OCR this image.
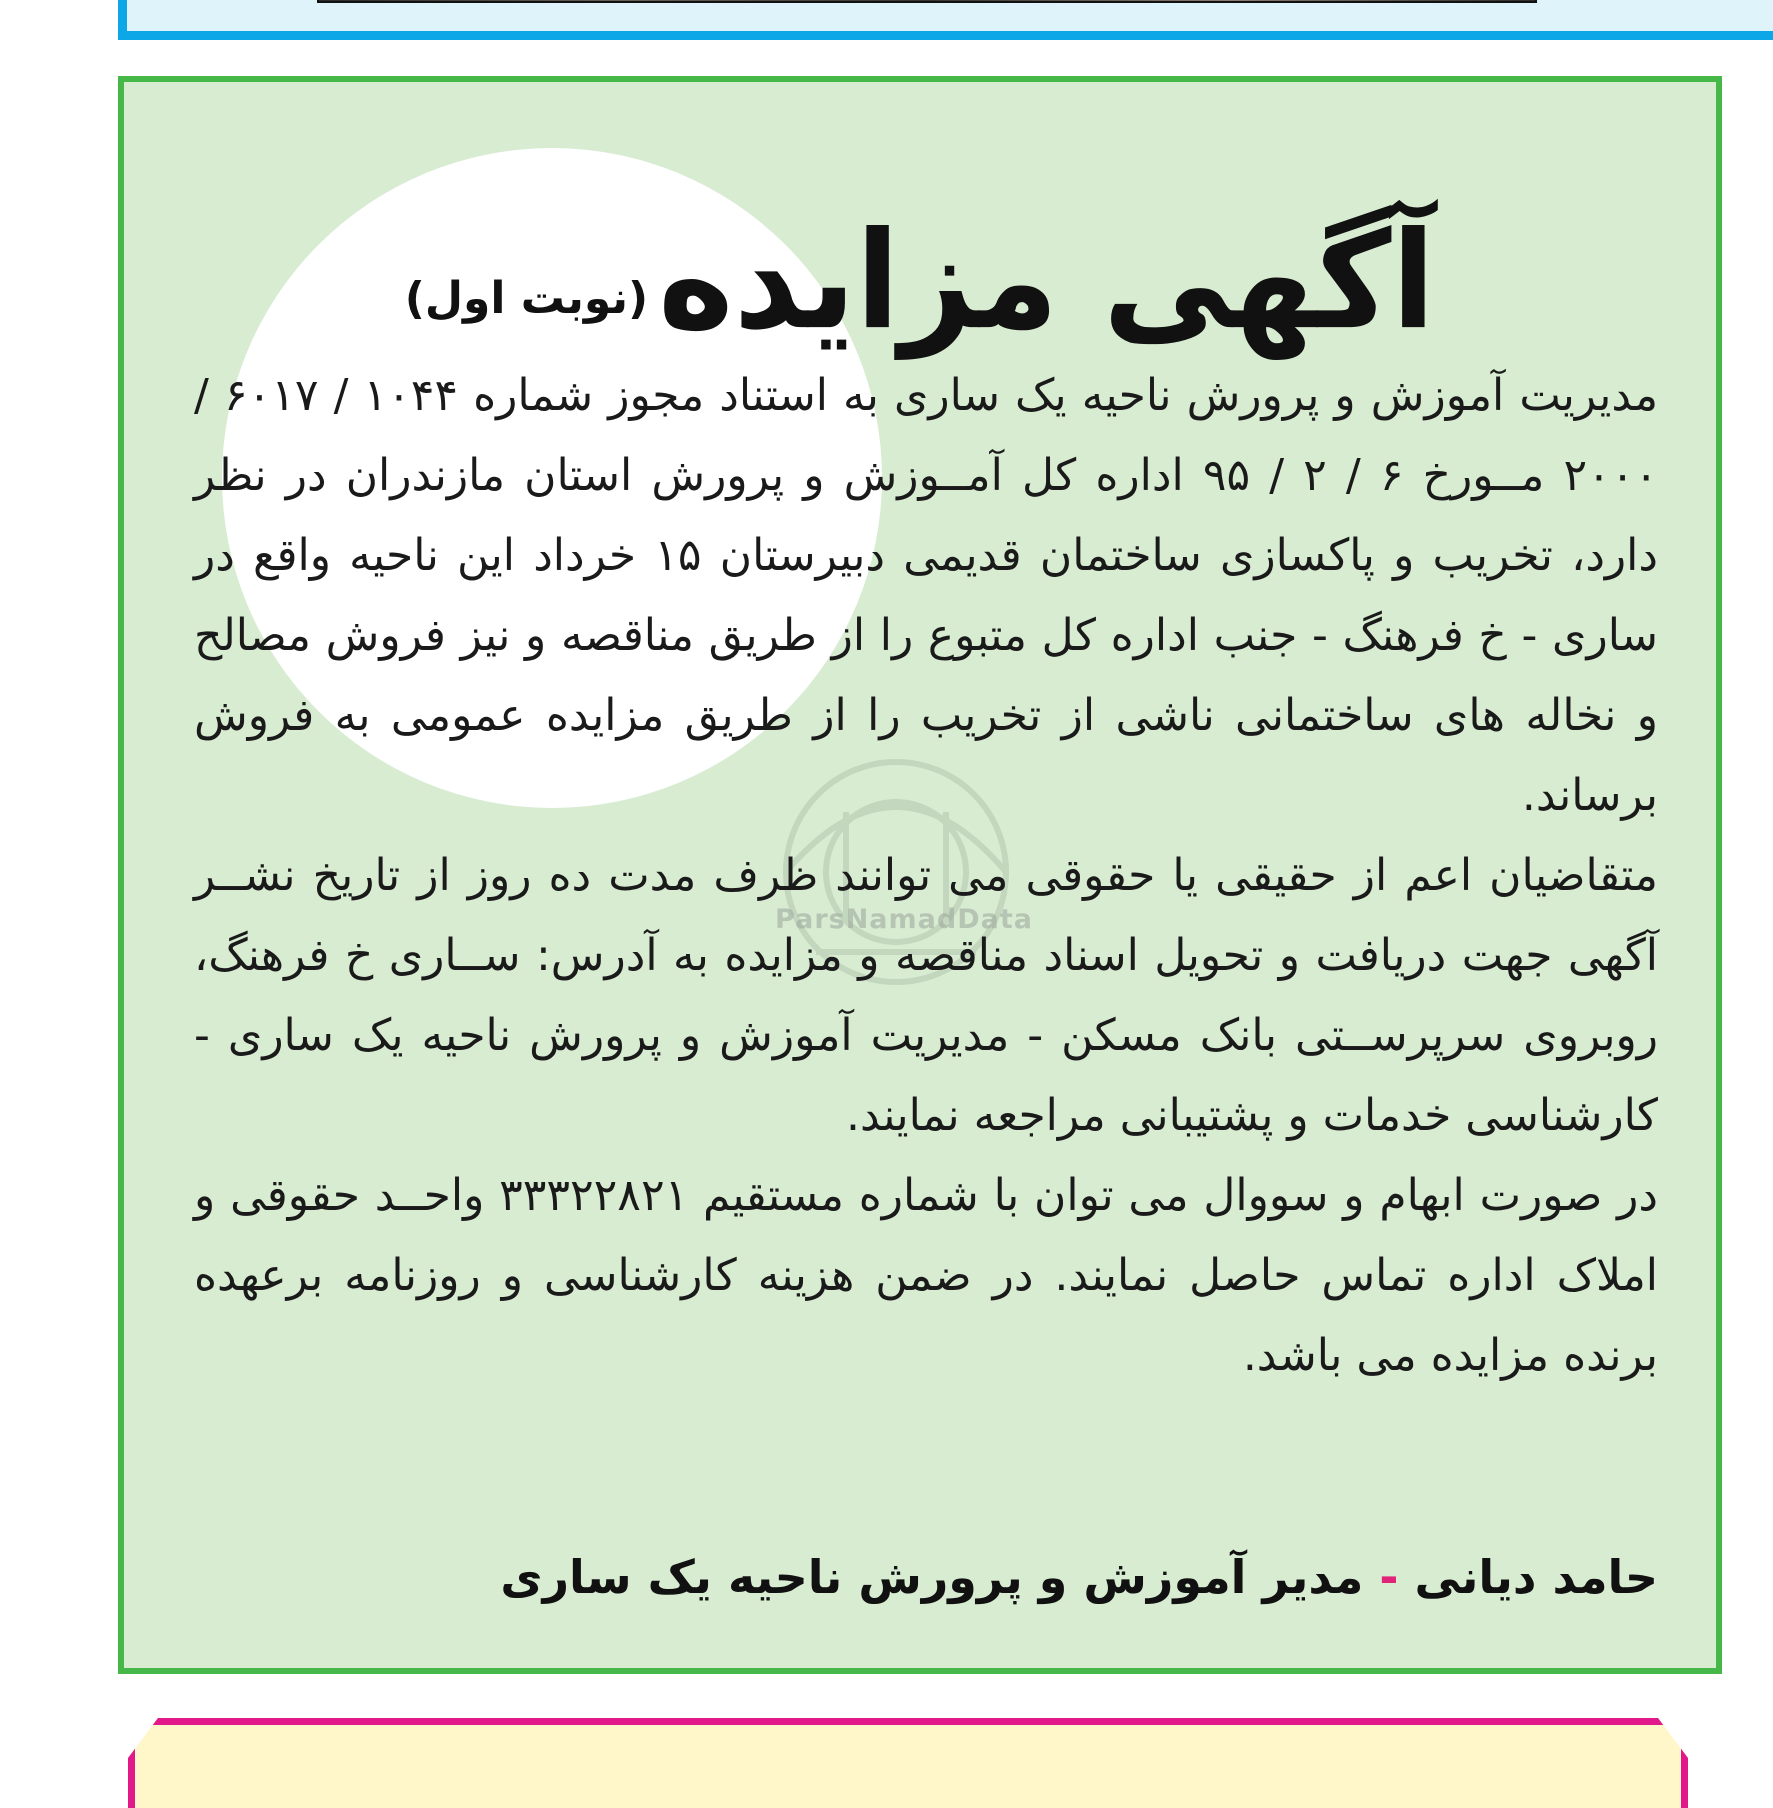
ParsNamadData
آگهی مزایده
(نوبت اول)

مدیریت آموزش و پرورش ناحیه یک ساری به استناد مجوز شماره ۱۰۴۴ / ۶۰۱۷ / ۲۰۰۰ مــورخ ۶ / ۲ / ۹۵ اداره کل آمــوزش و پرورش استان مازندران در نظر دارد، تخریب و پاکسازی ساختمان قدیمی دبیرستان ۱۵ خرداد این ناحیه واقع در ساری - خ فرهنگ - جنب اداره کل متبوع را از طریق مناقصه و نیز فروش مصالح و نخاله های ساختمانی ناشی از تخریب را از طریق مزایده عمومی به فروش برساند.

متقاضیان اعم از حقیقی یا حقوقی می توانند ظرف مدت ده روز از تاریخ نشــر آگهی جهت دریافت و تحویل اسناد مناقصه و مزایده به آدرس: ســاری خ فرهنگ، روبروی سرپرســتی بانک مسکن - مدیریت آموزش و پرورش ناحیه یک ساری - کارشناسی خدمات و پشتیبانی مراجعه نمایند.

در صورت ابهام و سووال می توان با شماره مستقیم ۳۳۳۲۲۸۲۱ واحــد حقوقی و املاک اداره تماس حاصل نمایند. در ضمن هزینه کارشناسی و روزنامه برعهده برنده مزایده می باشد.

حامد دیانی - مدیر آموزش و پرورش ناحیه یک ساری
